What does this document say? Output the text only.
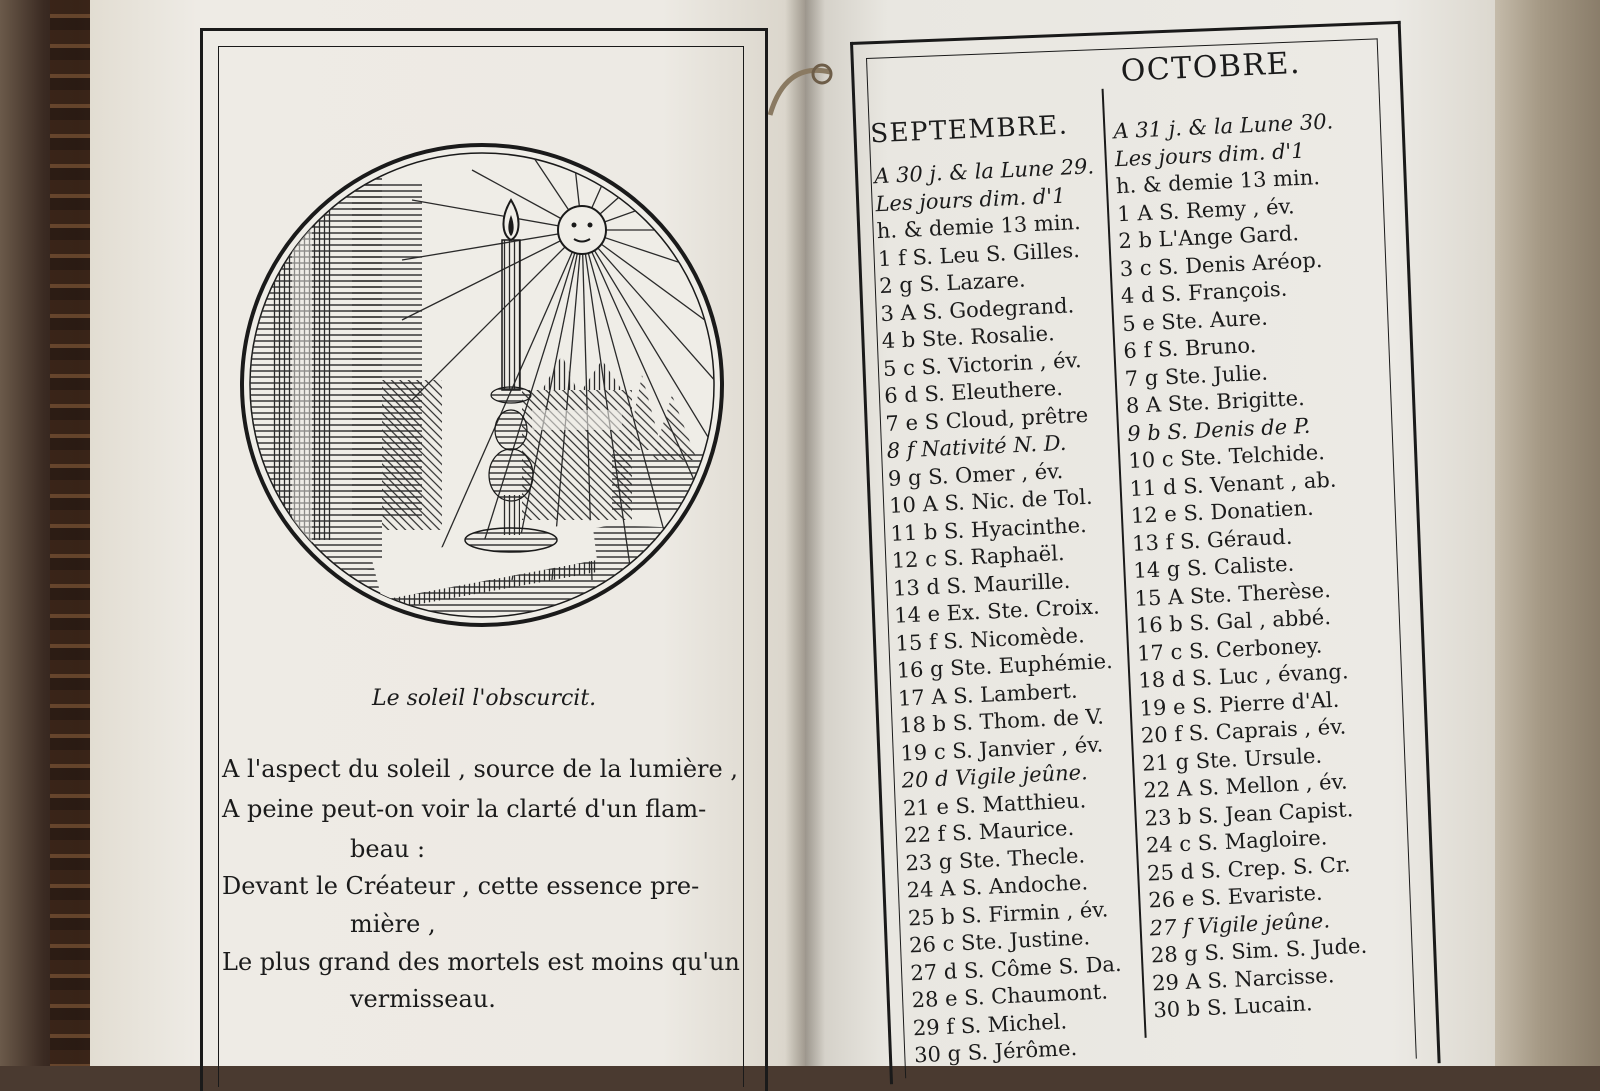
Le soleil l'obscurcit.
A l'aspect du soleil , source de la lumière ,
A peine peut-on voir la clarté d'un flam-
beau :
Devant le Créateur , cette essence pre-
mière ,
Le plus grand des mortels est moins qu'un
vermisseau.
SEPTEMBRE.
OCTOBRE.
A 30 j. & la Lune 29.
Les jours dim. d'1
h. & demie 13 min.
1 f S. Leu S. Gilles.
2 g S. Lazare.
3 A S. Godegrand.
4 b Ste. Rosalie.
5 c S. Victorin , év.
6 d S. Eleuthere.
7 e S Cloud, prêtre
8 f Nativité N. D.
9 g S. Omer , év.
10 A S. Nic. de Tol.
11 b S. Hyacinthe.
12 c S. Raphaël.
13 d S. Maurille.
14 e Ex. Ste. Croix.
15 f S. Nicomède.
16 g Ste. Euphémie.
17 A S. Lambert.
18 b S. Thom. de V.
19 c S. Janvier , év.
20 d Vigile jeûne.
21 e S. Matthieu.
22 f S. Maurice.
23 g Ste. Thecle.
24 A S. Andoche.
25 b S. Firmin , év.
26 c Ste. Justine.
27 d S. Côme S. Da.
28 e S. Chaumont.
29 f S. Michel.
30 g S. Jérôme.
A 31 j. & la Lune 30.
Les jours dim. d'1
h. & demie 13 min.
1 A S. Remy , év.
2 b L'Ange Gard.
3 c S. Denis Aréop.
4 d S. François.
5 e Ste. Aure.
6 f S. Bruno.
7 g Ste. Julie.
8 A Ste. Brigitte.
9 b S. Denis de P.
10 c Ste. Telchide.
11 d S. Venant , ab.
12 e S. Donatien.
13 f S. Géraud.
14 g S. Caliste.
15 A Ste. Therèse.
16 b S. Gal , abbé.
17 c S. Cerboney.
18 d S. Luc , évang.
19 e S. Pierre d'Al.
20 f S. Caprais , év.
21 g Ste. Ursule.
22 A S. Mellon , év.
23 b S. Jean Capist.
24 c S. Magloire.
25 d S. Crep. S. Cr.
26 e S. Evariste.
27 f Vigile jeûne.
28 g S. Sim. S. Jude.
29 A S. Narcisse.
30 b S. Lucain.
